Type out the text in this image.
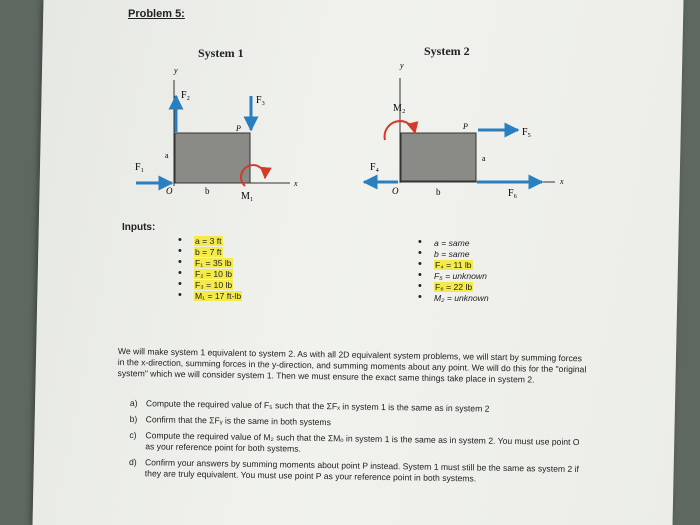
Problem 5:
System 1	System 2
y
x
F₂	F₃
P
F₁
a
b
O	M₁
y
x
M₂
F₅
P
F₄
F₆
a
b
O
Inputs:
• a = 3 ft
• b = 7 ft
• F₁ = 35 lb
• F₂ = 10 lb
• F₃ = 10 lb
• M₁ = 17 ft-lb
• a = same
• b = same
• F₄ = 11 lb
• F₅ = unknown
• F₆ = 22 lb
• M₂ = unknown
We will make system 1 equivalent to system 2. As with all 2D equivalent system problems, we will start by summing forces in the x-direction, summing forces in the y-direction, and summing moments about any point. We will do this for the "original system" which we will consider system 1. Then we must ensure the exact same things take place in system 2.
a) Compute the required value of F₅ such that the ΣFₓ in system 1 is the same as in system 2
b) Confirm that the ΣFᵧ is the same in both systems
c) Compute the required value of M₂ such that the ΣMₒ in system 1 is the same as in system 2. You must use point O as your reference point for both systems.
d) Confirm your answers by summing moments about point P instead. System 1 must still be the same as system 2 if they are truly equivalent. You must use point P as your reference point in both systems.
